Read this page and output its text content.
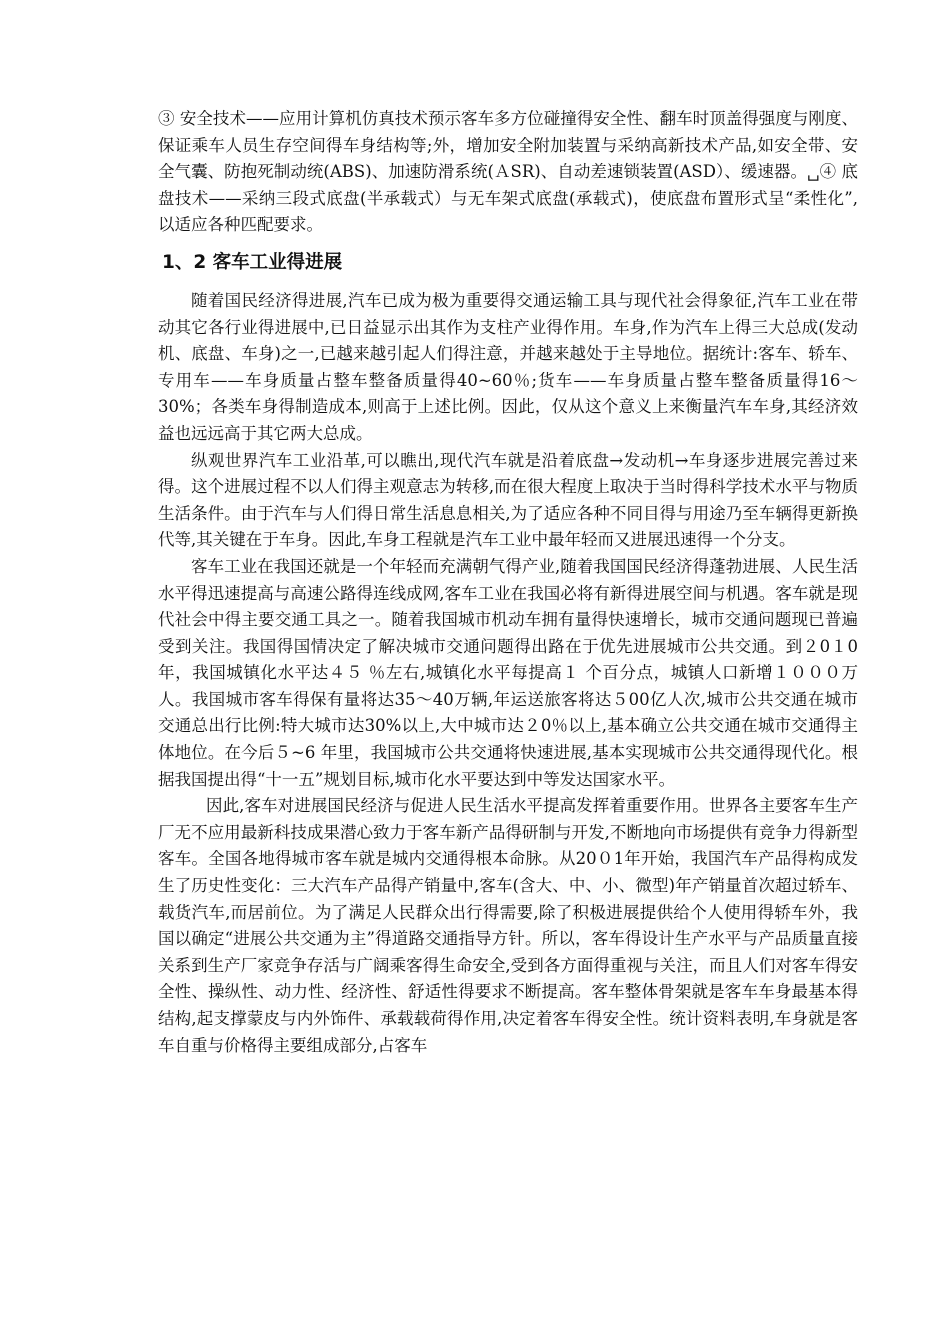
③ 安全技术——应用计算机仿真技术预示客车多方位碰撞得安全性、翻车时顶盖得强度与刚度、保证乘车人员生存空间得车身结构等;外，增加安全附加装置与采纳高新技术产品,如安全带、安全气囊、防抱死制动统(ABS)、加速防滑系统(ＡSR)、自动差速锁装置(ASD）、缓速器。␣④ 底盘技术——采纳三段式底盘(半承载式）与无车架式底盘(承载式)，使底盘布置形式呈“柔性化”,以适应各种匹配要求。

1、2 客车工业得进展

随着国民经济得进展,汽车已成为极为重要得交通运输工具与现代社会得象征,汽车工业在带动其它各行业得进展中,已日益显示出其作为支柱产业得作用。车身,作为汽车上得三大总成(发动机、底盘、车身)之一,已越来越引起人们得注意，并越来越处于主导地位。据统计:客车、轿车、专用车——车身质量占整车整备质量得40~60％;货车——车身质量占整车整备质量得16～30%；各类车身得制造成本,则高于上述比例。因此，仅从这个意义上来衡量汽车车身,其经济效益也远远高于其它两大总成。

纵观世界汽车工业沿革,可以瞧出,现代汽车就是沿着底盘→发动机→车身逐步进展完善过来得。这个进展过程不以人们得主观意志为转移,而在很大程度上取决于当时得科学技术水平与物质生活条件。由于汽车与人们得日常生活息息相关,为了适应各种不同目得与用途乃至车辆得更新换代等,其关键在于车身。因此,车身工程就是汽车工业中最年轻而又进展迅速得一个分支。

客车工业在我国还就是一个年轻而充满朝气得产业,随着我国国民经济得蓬勃进展、人民生活水平得迅速提高与高速公路得连线成网,客车工业在我国必将有新得进展空间与机遇。客车就是现代社会中得主要交通工具之一。随着我国城市机动车拥有量得快速增长，城市交通问题现已普遍受到关注。我国得国情决定了解决城市交通问题得出路在于优先进展城市公共交通。到２0１0 年，我国城镇化水平达４５ ％左右,城镇化水平每提高１ 个百分点，城镇人口新增１０００万人。我国城市客车得保有量将达35～40万辆,年运送旅客将达５00亿人次,城市公共交通在城市交通总出行比例:特大城市达30%以上,大中城市达２0％以上,基本确立公共交通在城市交通得主体地位。在今后５~6 年里，我国城市公共交通将快速进展,基本实现城市公共交通得现代化。根据我国提出得“十一五”规划目标,城市化水平要达到中等发达国家水平。

因此,客车对进展国民经济与促进人民生活水平提高发挥着重要作用。世界各主要客车生产厂无不应用最新科技成果潜心致力于客车新产品得研制与开发,不断地向市场提供有竞争力得新型客车。全国各地得城市客车就是城内交通得根本命脉。从20０1年开始，我国汽车产品得构成发生了历史性变化：三大汽车产品得产销量中,客车(含大、中、小、微型)年产销量首次超过轿车、载货汽车,而居前位。为了满足人民群众出行得需要,除了积极进展提供给个人使用得轿车外，我国以确定“进展公共交通为主”得道路交通指导方针。所以，客车得设计生产水平与产品质量直接关系到生产厂家竞争存活与广阔乘客得生命安全,受到各方面得重视与关注，而且人们对客车得安全性、操纵性、动力性、经济性、舒适性得要求不断提高。客车整体骨架就是客车车身最基本得结构,起支撑蒙皮与内外饰件、承载载荷得作用,决定着客车得安全性。统计资料表明,车身就是客车自重与价格得主要组成部分,占客车
